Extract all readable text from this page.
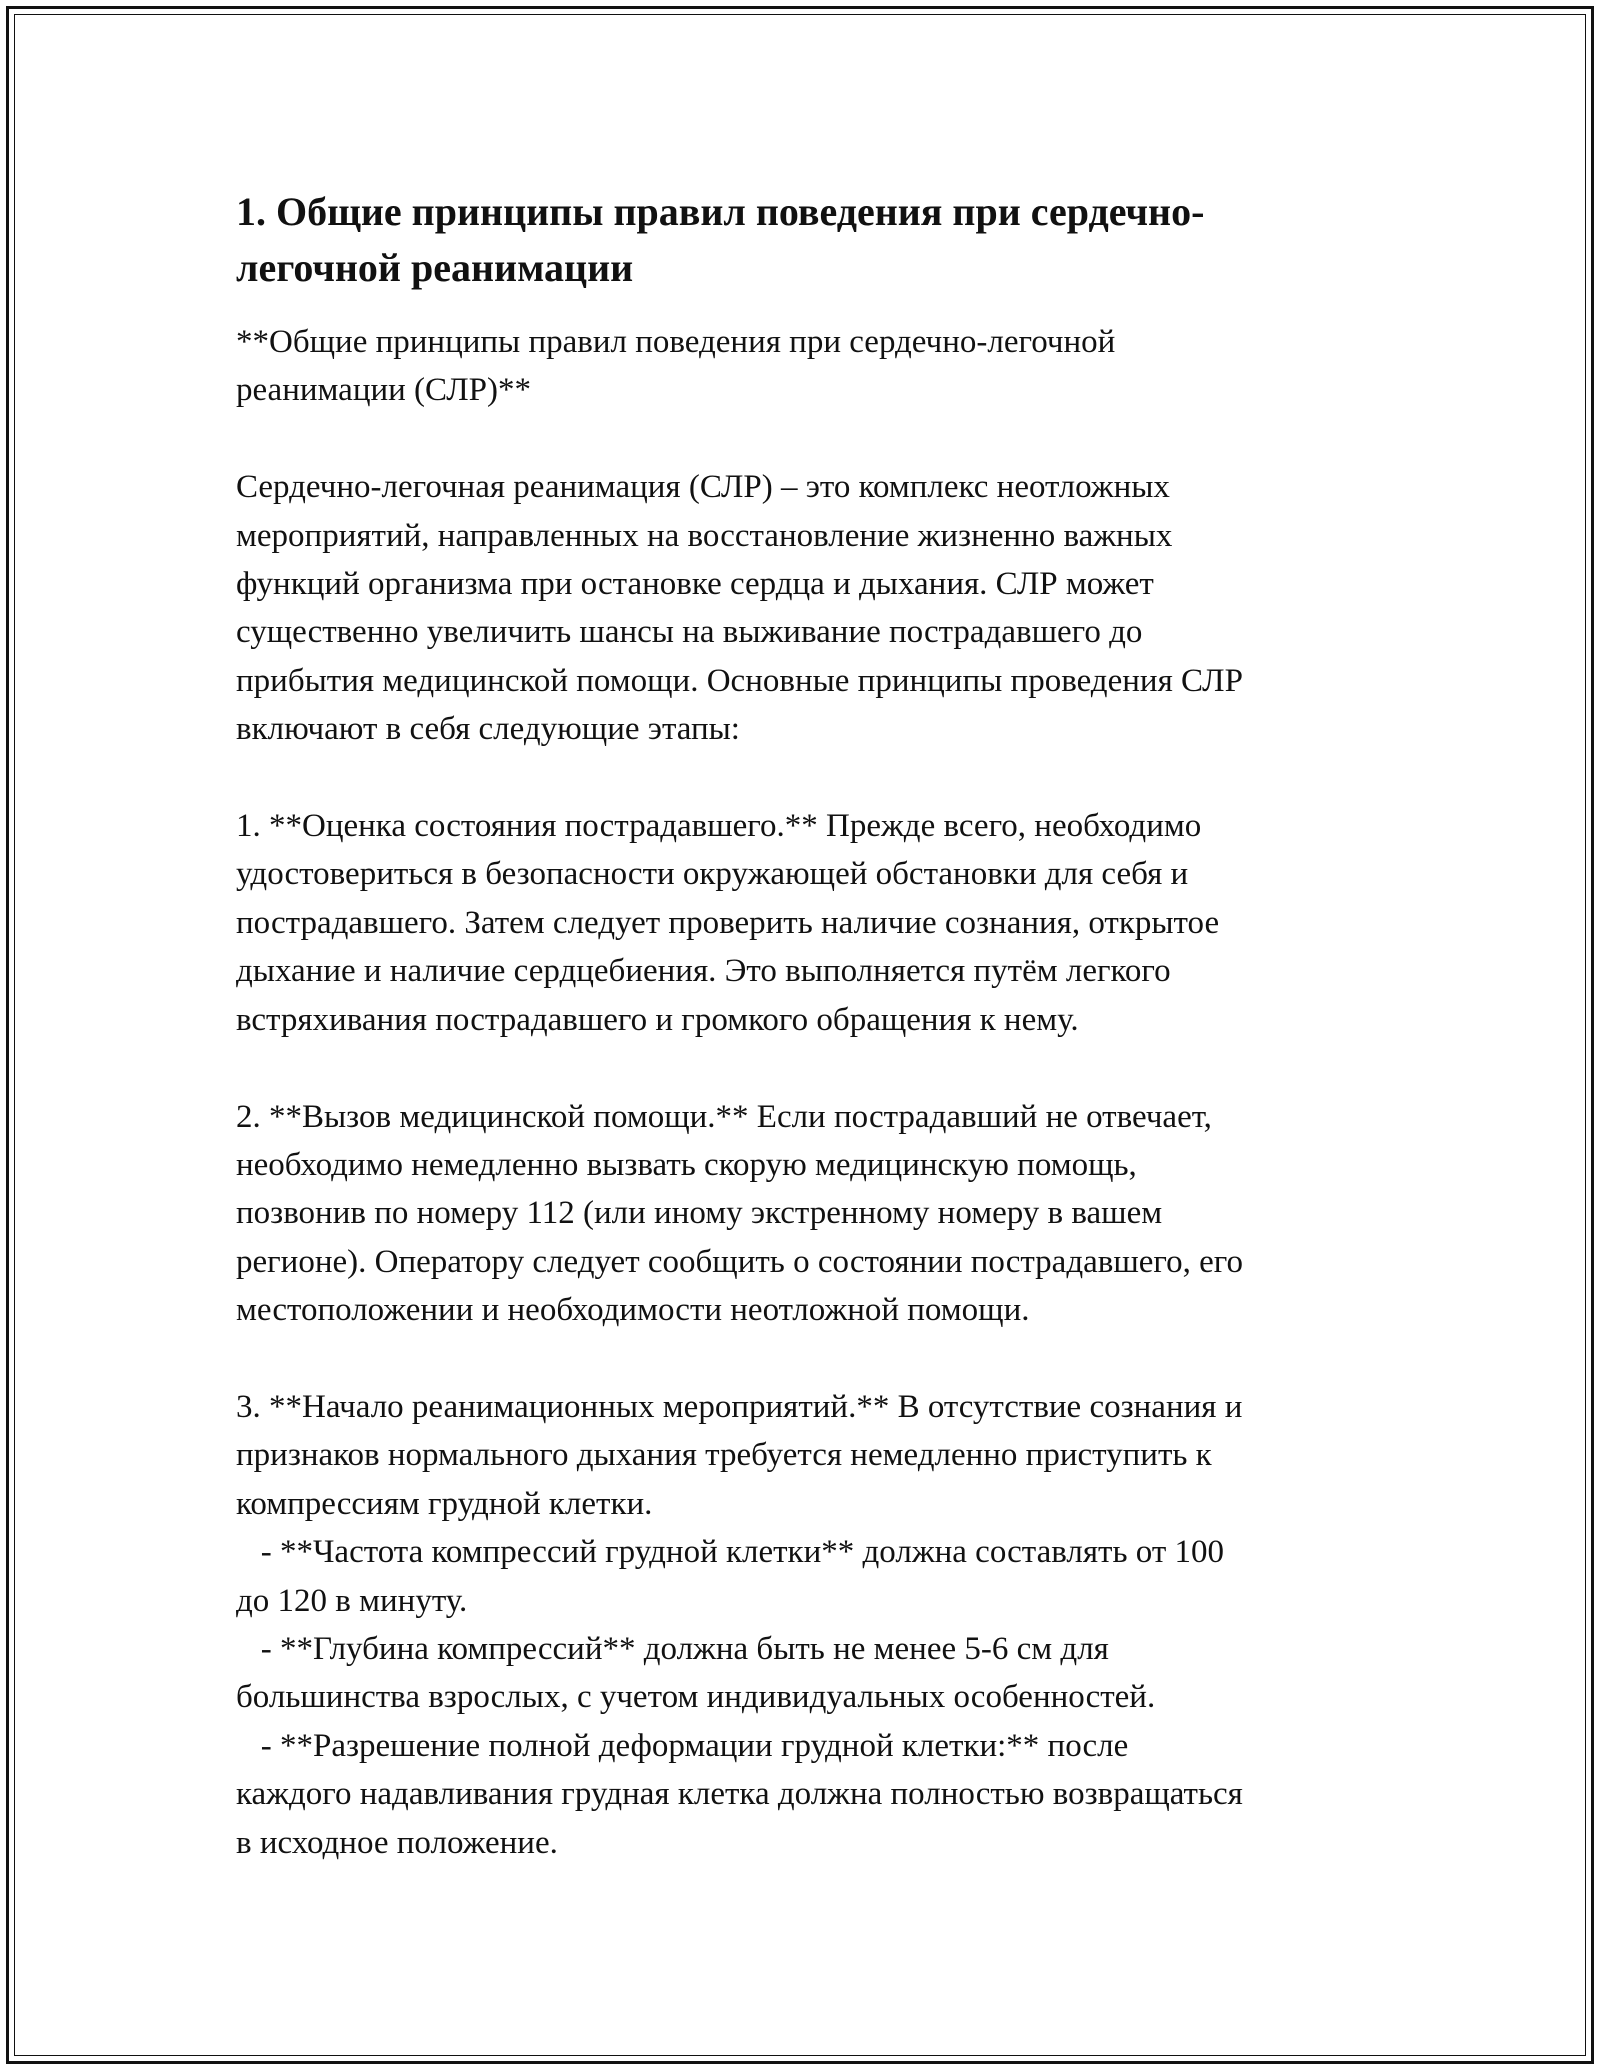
1. Общие принципы правил поведения при сердечно-
легочной реанимации

**Общие принципы правил поведения при сердечно-легочной
реанимации (СЛР)**

Сердечно-легочная реанимация (СЛР) – это комплекс неотложных
мероприятий, направленных на восстановление жизненно важных
функций организма при остановке сердца и дыхания. СЛР может
существенно увеличить шансы на выживание пострадавшего до
прибытия медицинской помощи. Основные принципы проведения СЛР
включают в себя следующие этапы:

1. **Оценка состояния пострадавшего.** Прежде всего, необходимо
удостовериться в безопасности окружающей обстановки для себя и
пострадавшего. Затем следует проверить наличие сознания, открытое
дыхание и наличие сердцебиения. Это выполняется путём легкого
встряхивания пострадавшего и громкого обращения к нему.

2. **Вызов медицинской помощи.** Если пострадавший не отвечает,
необходимо немедленно вызвать скорую медицинскую помощь,
позвонив по номеру 112 (или иному экстренному номеру в вашем
регионе). Оператору следует сообщить о состоянии пострадавшего, его
местоположении и необходимости неотложной помощи.

3. **Начало реанимационных мероприятий.** В отсутствие сознания и
признаков нормального дыхания требуется немедленно приступить к
компрессиям грудной клетки.
- **Частота компрессий грудной клетки** должна составлять от 100
до 120 в минуту.
- **Глубина компрессий** должна быть не менее 5-6 см для
большинства взрослых, с учетом индивидуальных особенностей.
- **Разрешение полной деформации грудной клетки:** после
каждого надавливания грудная клетка должна полностью возвращаться
в исходное положение.
